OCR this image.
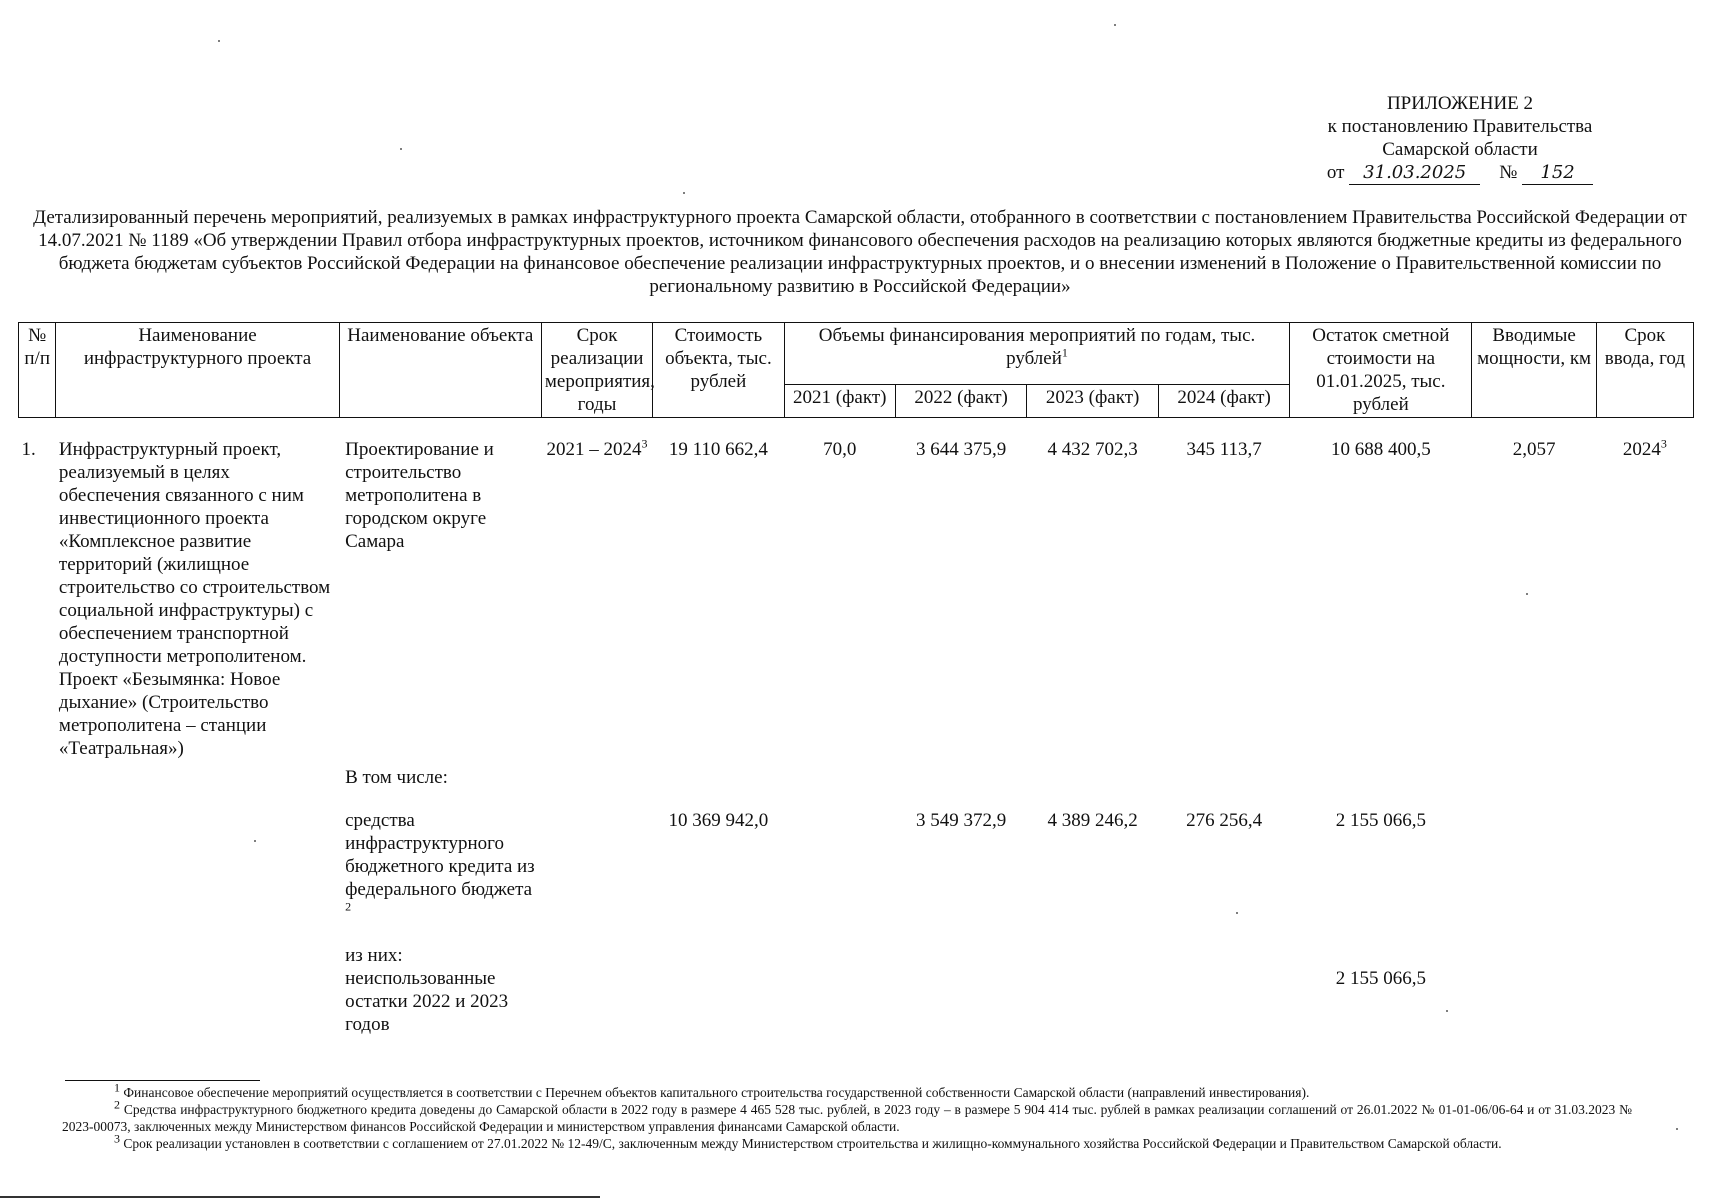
ПРИЛОЖЕНИЕ 2
к постановлению Правительства
Самарской области
от 31.03.2025 № 152
Детализированный перечень мероприятий, реализуемых в рамках инфраструктурного проекта Самарской области, отобранного в соответствии с постановлением Правительства Российской Федерации от 14.07.2021 № 1189 «Об утверждении Правил отбора инфраструктурных проектов, источником финансового обеспечения расходов на реализацию которых являются бюджетные кредиты из федерального бюджета бюджетам субъектов Российской Федерации на финансовое обеспечение реализации инфраструктурных проектов, и о внесении изменений в Положение о Правительственной комиссии по региональному развитию в Российской Федерации»
№ п/п	Наименование инфраструктурного проекта	Наименование объекта	Срок реализации мероприятия, годы	Стоимость объекта, тыс. рублей	Объемы финансирования мероприятий по годам, тыс. рублей$^1$				Остаток сметной стоимости на 01.01.2025, тыс. рублей	Вводимые мощности, км	Срок ввода, год
					2021 (факт)	2022 (факт)	2023 (факт)	2024 (факт)			

1.	Инфраструктурный проект, реализуемый в целях обеспечения связанного с ним инвестиционного проекта «Комплексное развитие территорий (жилищное строительство со строительством социальной инфраструктуры) с обеспечением транспортной доступности метрополитеном. Проект «Безымянка: Новое дыхание» (Строительство метрополитена – станции «Театральная»)	Проектирование и строительство метрополитена в городском округе Самара	2021 – 2024$^3$	19 110 662,4	70,0	3 644 375,9	4 432 702,3	345 113,7	10 688 400,5	2,057	2024$^3$
		В том числе:									

		средства инфраструктурного бюджетного кредита из федерального бюджета $^2$		10 369 942,0		3 549 372,9	4 389 246,2	276 256,4	2 155 066,5		

		из них: неиспользованные остатки 2022 и 2023 годов							2 155 066,5		

1 Финансовое обеспечение мероприятий осуществляется в соответствии с Перечнем объектов капитального строительства государственной собственности Самарской области (направлений инвестирования).

2 Средства инфраструктурного бюджетного кредита доведены до Самарской области в 2022 году в размере 4 465 528 тыс. рублей, в 2023 году – в размере 5 904 414 тыс. рублей в рамках реализации соглашений от 26.01.2022 № 01-01-06/06-64 и от 31.03.2023 № 2023-00073, заключенных между Министерством финансов Российской Федерации и министерством управления финансами Самарской области.

3 Срок реализации установлен в соответствии с соглашением от 27.01.2022 № 12-49/С, заключенным между Министерством строительства и жилищно-коммунального хозяйства Российской Федерации и Правительством Самарской области.
